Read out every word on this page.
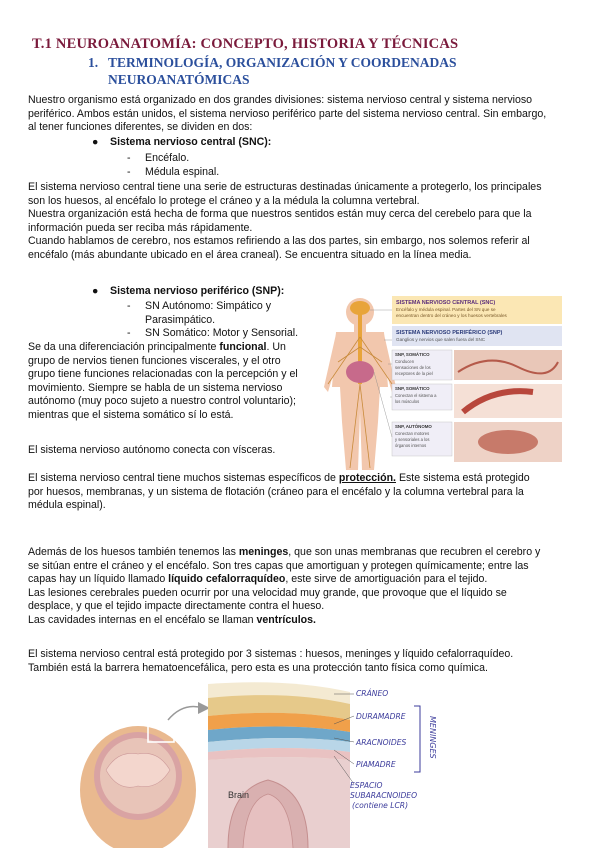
T.1 NEUROANATOMÍA: CONCEPTO, HISTORIA Y TÉCNICAS
1. TERMINOLOGÍA, ORGANIZACIÓN Y COORDENADAS
NEUROANATÓMICAS

Nuestro organismo está organizado en dos grandes divisiones: sistema nervioso central y sistema nervioso

periférico. Ambos están unidos, el sistema nervioso periférico parte del sistema nervioso central. Sin embargo,

al tener funciones diferentes, se dividen en dos:

● Sistema nervioso central (SNC):
- Encéfalo.
- Médula espinal.

El sistema nervioso central tiene una serie de estructuras destinadas únicamente a protegerlo, los principales

son los huesos, al encéfalo lo protege el cráneo y a la médula la columna vertebral.

Nuestra organización está hecha de forma que nuestros sentidos están muy cerca del cerebelo para que la

información pueda ser reciba más rápidamente.

Cuando hablamos de cerebro, nos estamos refiriendo a las dos partes, sin embargo, nos solemos referir al

encéfalo (más abundante ubicado en el área craneal). Se encuentra situado en la línea media.

● Sistema nervioso periférico (SNP):
- SN Autónomo: Simpático y
Parasimpático.
- SN Somático: Motor y Sensorial.

Se da una diferenciación principalmente funcional. Un

grupo de nervios tienen funciones viscerales, y el otro

grupo tiene funciones relacionadas con la percepción y el

movimiento. Siempre se habla de un sistema nervioso

autónomo (muy poco sujeto a nuestro control voluntario);

mientras que el sistema somático sí lo está.

El sistema nervioso autónomo conecta con vísceras.

El sistema nervioso central tiene muchos sistemas específicos de protección. Este sistema está protegido

por huesos, membranas, y un sistema de flotación (cráneo para el encéfalo y la columna vertebral para la

médula espinal).

Además de los huesos también tenemos las meninges, que son unas membranas que recubren el cerebro y

se sitúan entre el cráneo y el encéfalo. Son tres capas que amortiguan y protegen químicamente; entre las

capas hay un líquido llamado líquido cefalorraquídeo, este sirve de amortiguación para el tejido.

Las lesiones cerebrales pueden ocurrir por una velocidad muy grande, que provoque que el líquido se

desplace, y que el tejido impacte directamente contra el hueso.

Las cavidades internas en el encéfalo se llaman ventrículos.

El sistema nervioso central está protegido por 3 sistemas : huesos, meninges y líquido cefalorraquídeo.

También está la barrera hematoencefálica, pero esta es una protección tanto física como química.

SISTEMA NERVIOSO CENTRAL (SNC)
Encéfalo y médula espinal. Partes del SN que se
encuentran dentro del cráneo y los huesos vertebrales
SISTEMA NERVIOSO PERIFÉRICO (SNP)
Ganglios y nervios que salen fuera del SNC
SNP, SOMÁTICO
Conducen
sensaciones de los
receptores de la piel
SNP, SOMÁTICO
Conectan el sistema a
los músculos
SNP, AUTÓNOMO
Conectan motores
y sensoriales a los
órganos internos
Brain
CRÁNEO
DURAMADRE
ARACNOIDES
PIAMADRE
ESPACIO
SUBARACNOIDEO
(contiene LCR)
MENINGES
